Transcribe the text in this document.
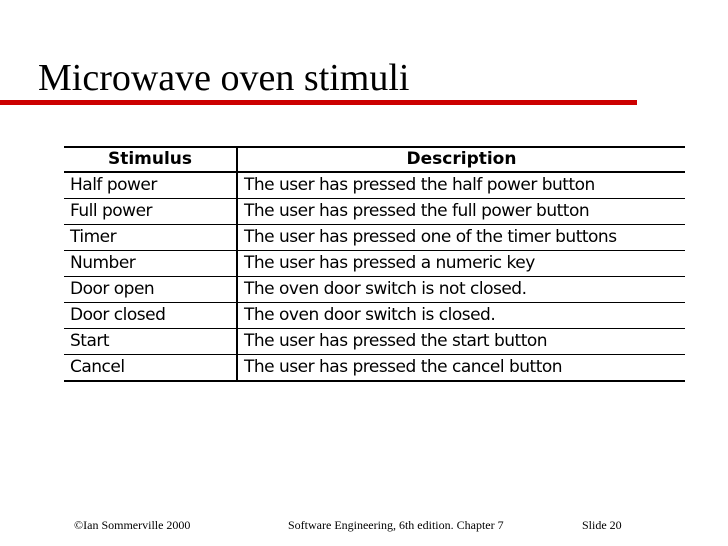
Microwave oven stimuli
Stimulus	Description
Half power	The user has pressed the half power button
Full power	The user has pressed the full power button
Timer	The user has pressed one of the timer buttons
Number	The user has pressed a numeric key
Door open	The oven door switch is not closed.
Door closed	The oven door switch is closed.
Start	The user has pressed the start button
Cancel	The user has pressed the cancel button
©Ian Sommerville 2000	Software Engineering, 6th edition. Chapter 7	Slide 20
